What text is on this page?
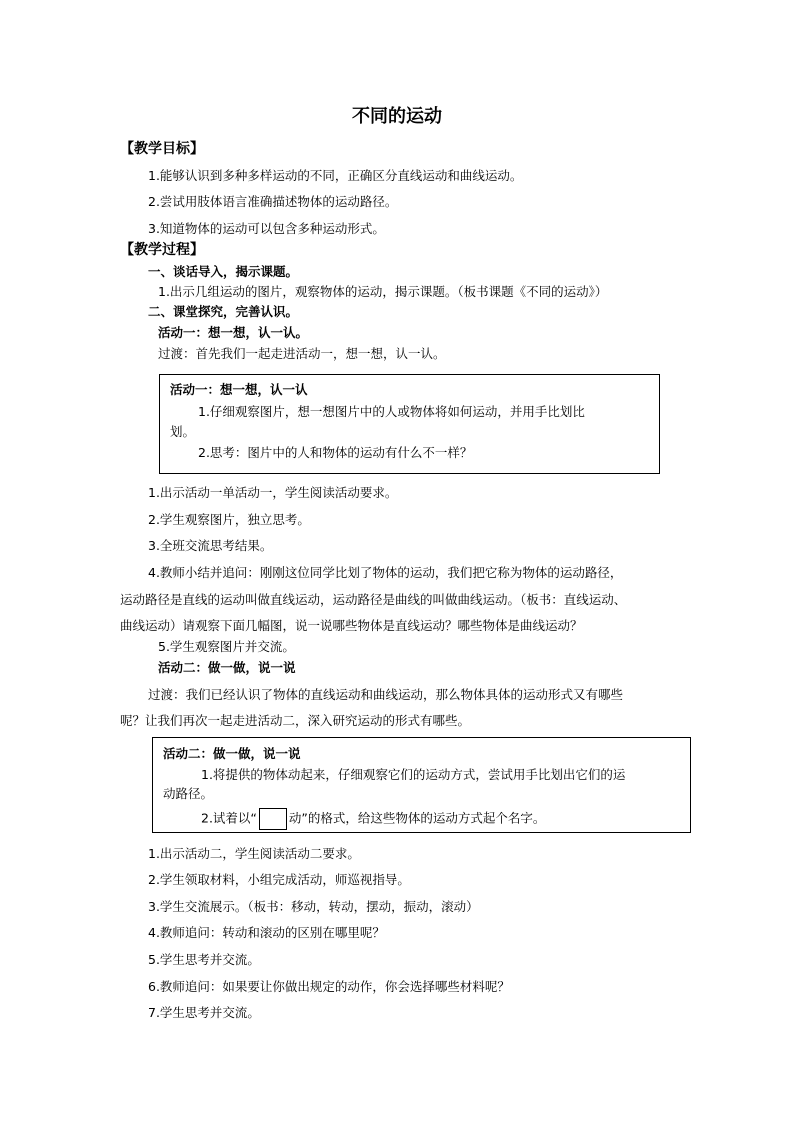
不同的运动
【教学目标】
1.能够认识到多种多样运动的不同，正确区分直线运动和曲线运动。
2.尝试用肢体语言准确描述物体的运动路径。
3.知道物体的运动可以包含多种运动形式。
【教学过程】
一、谈话导入，揭示课题。
1.出示几组运动的图片，观察物体的运动，揭示课题。（板书课题《不同的运动》）
二、课堂探究，完善认识。
活动一：想一想，认一认。
过渡：首先我们一起走进活动一，想一想，认一认。
活动一：想一想，认一认
1.仔细观察图片，想一想图片中的人或物体将如何运动，并用手比划比
划。
2.思考：图片中的人和物体的运动有什么不一样？
1.出示活动一单活动一，学生阅读活动要求。
2.学生观察图片，独立思考。
3.全班交流思考结果。
4.教师小结并追问：刚刚这位同学比划了物体的运动，我们把它称为物体的运动路径，
运动路径是直线的运动叫做直线运动，运动路径是曲线的叫做曲线运动。（板书：直线运动、
曲线运动）请观察下面几幅图，说一说哪些物体是直线运动？哪些物体是曲线运动？
5.学生观察图片并交流。
活动二：做一做，说一说
过渡：我们已经认识了物体的直线运动和曲线运动，那么物体具体的运动形式又有哪些
呢？让我们再次一起走进活动二，深入研究运动的形式有哪些。
活动二：做一做，说一说
1.将提供的物体动起来，仔细观察它们的运动方式，尝试用手比划出它们的运
动路径。
2.试着以“	动”的格式，给这些物体的运动方式起个名字。
1.出示活动二，学生阅读活动二要求。
2.学生领取材料，小组完成活动，师巡视指导。
3.学生交流展示。（板书：移动，转动，摆动，振动，滚动）
4.教师追问：转动和滚动的区别在哪里呢？
5.学生思考并交流。
6.教师追问：如果要让你做出规定的动作，你会选择哪些材料呢？
7.学生思考并交流。
